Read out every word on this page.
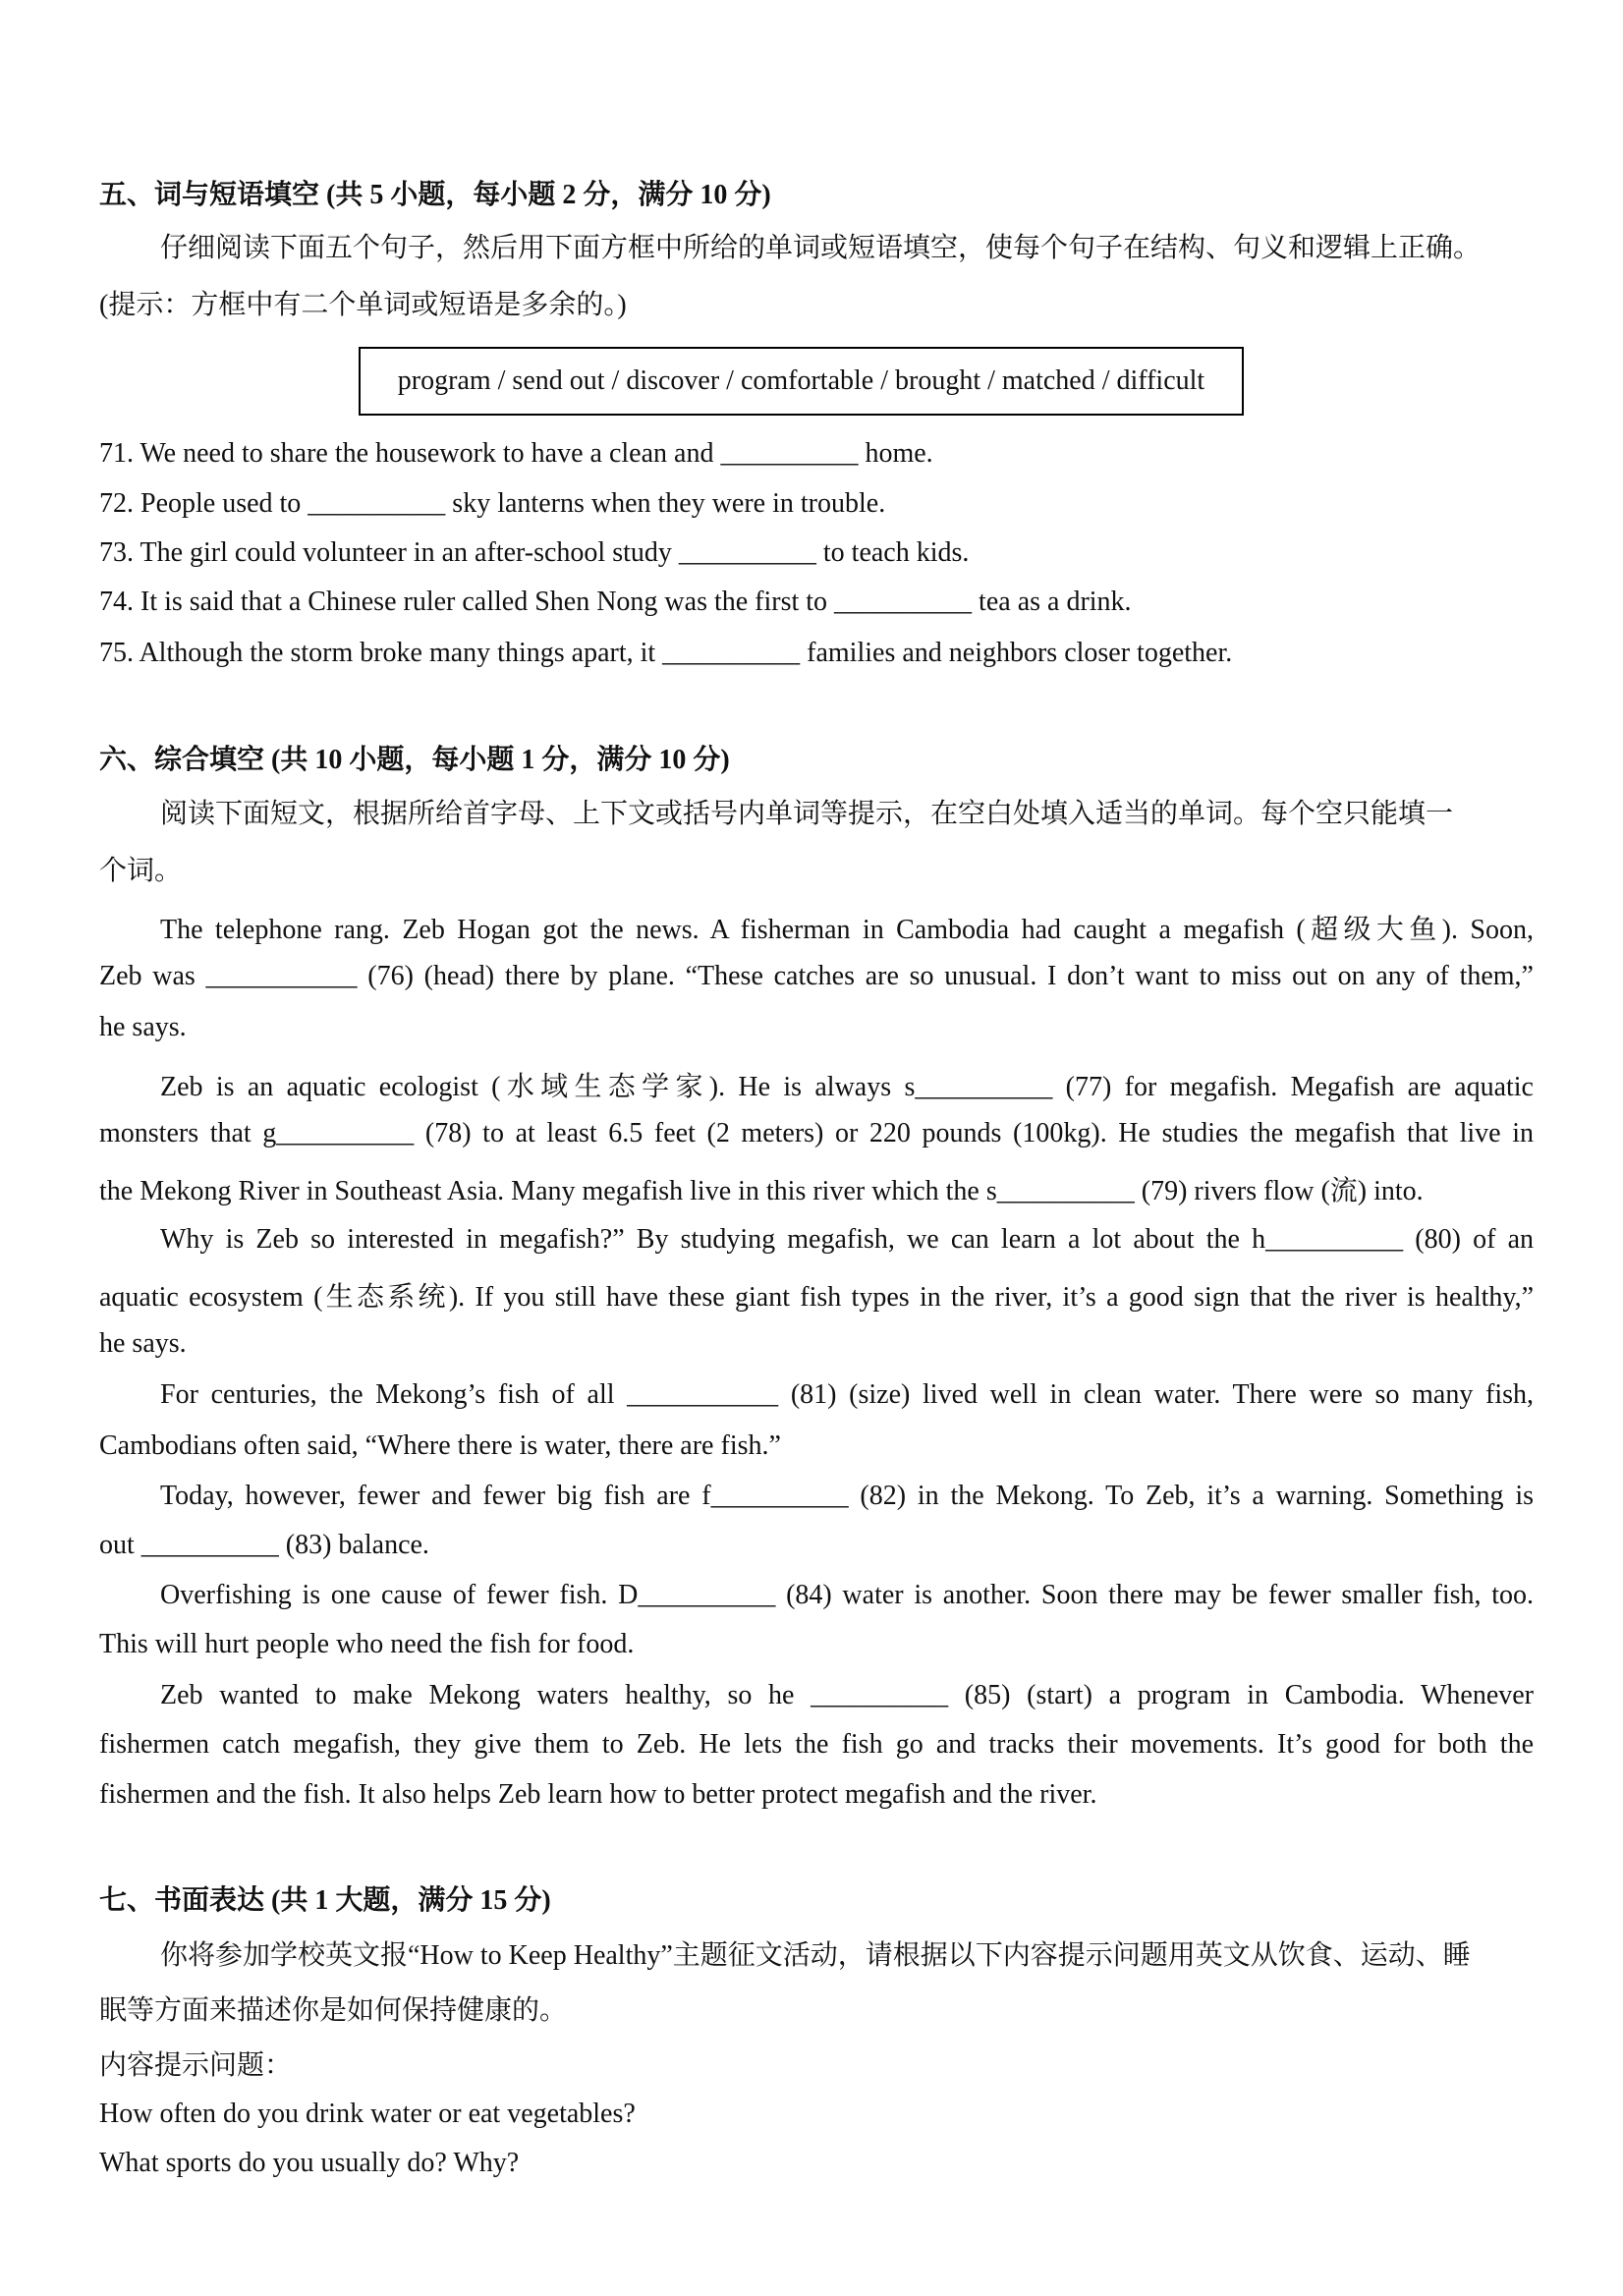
五、词与短语填空 (共 5 小题，每小题 2 分，满分 10 分)
仔细阅读下面五个句子，然后用下面方框中所给的单词或短语填空，使每个句子在结构、句义和逻辑上正确。
(提示：方框中有二个单词或短语是多余的。)
program / send out / discover / comfortable / brought / matched / difficult
71. We need to share the housework to have a clean and __________ home.
72. People used to __________ sky lanterns when they were in trouble.
73. The girl could volunteer in an after-school study __________ to teach kids.
74. It is said that a Chinese ruler called Shen Nong was the first to __________ tea as a drink.
75. Although the storm broke many things apart, it __________ families and neighbors closer together.
六、综合填空 (共 10 小题，每小题 1 分，满分 10 分)
阅读下面短文，根据所给首字母、上下文或括号内单词等提示，在空白处填入适当的单词。每个空只能填一
个词。
The telephone rang. Zeb Hogan got the news. A fisherman in Cambodia had caught a megafish (超级大鱼). Soon,
Zeb was ___________ (76) (head) there by plane. “These catches are so unusual. I don’t want to miss out on any of them,”
he says.
Zeb is an aquatic ecologist (水域生态学家). He is always s__________ (77) for megafish. Megafish are aquatic
monsters that g__________ (78) to at least 6.5 feet (2 meters) or 220 pounds (100kg). He studies the megafish that live in
the Mekong River in Southeast Asia. Many megafish live in this river which the s__________ (79) rivers flow (流) into.
Why is Zeb so interested in megafish?” By studying megafish, we can learn a lot about the h__________ (80) of an
aquatic ecosystem (生态系统). If you still have these giant fish types in the river, it’s a good sign that the river is healthy,”
he says.
For centuries, the Mekong’s fish of all ___________ (81) (size) lived well in clean water. There were so many fish,
Cambodians often said, “Where there is water, there are fish.”
Today, however, fewer and fewer big fish are f__________ (82) in the Mekong. To Zeb, it’s a warning. Something is
out __________ (83) balance.
Overfishing is one cause of fewer fish. D__________ (84) water is another. Soon there may be fewer smaller fish, too.
This will hurt people who need the fish for food.
Zeb wanted to make Mekong waters healthy, so he __________ (85) (start) a program in Cambodia. Whenever
fishermen catch megafish, they give them to Zeb. He lets the fish go and tracks their movements. It’s good for both the
fishermen and the fish. It also helps Zeb learn how to better protect megafish and the river.
七、书面表达 (共 1 大题，满分 15 分)
你将参加学校英文报“How to Keep Healthy”主题征文活动，请根据以下内容提示问题用英文从饮食、运动、睡
眠等方面来描述你是如何保持健康的。
内容提示问题：
How often do you drink water or eat vegetables?
What sports do you usually do? Why?
